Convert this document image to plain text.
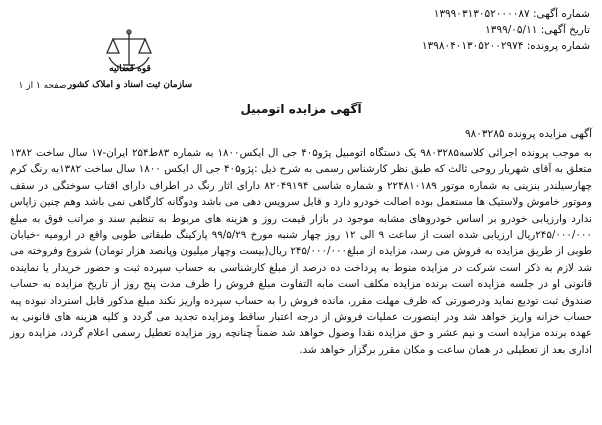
شماره آگهی: ۱۳۹۹۰۳۱۳۰۵۲۰۰۰۰۸۷
تاریخ آگهی: ۱۳۹۹/۰۵/۱۱
شماره پرونده: ۱۳۹۸۰۴۰۱۳۰۵۲۰۰۲۹۷۴
قوه قضائیه
سازمان ثبت اسناد و املاک کشور
صفحه ۱ از ۱
آگهی مزایده اتومبیل
آگهی مزایده پرونده ۹۸۰۳۲۸۵
به موجب پرونده اجرائی کلاسه۹۸۰۳۲۸۵ یک دستگاه اتومبیل پژو۴۰۵ جی ال ایکس۱۸۰۰ به شماره ۸۳ط۲۵۴ ایران-۱۷ سال ساخت ۱۳۸۲ متعلق به آقای شهریار روحی ثالث که طبق نظر کارشناس رسمی به شرح ذیل :پژو۴۰۵ جی ال ایکس ۱۸۰۰ سال ساخت ۱۳۸۲به رنگ کرم چهارسیلندر بنزینی به شماره موتور ۲۲۴۸۱۰۱۸۹ و شماره شاسی ۸۲۰۴۹۱۹۴ دارای اثار رنگ در اطراف دارای اقتاب سوختگی در سقف وموتور خاموش ولاستیک ها مستعمل بوده اصالت خودرو دارد و قابل سرویس دهی می باشد ودوگانه کارگاهی نمی باشد وهم چنین زاپاس ندارد وارزیابی خودرو بر اساس خودروهای مشابه موجود در بازار قیمت روز و هزینه های مربوط به تنظیم سند و مراتب فوق به مبلغ ۲۴۵/۰۰۰/۰۰۰ریال ارزیابی شده است از ساعت ۹ الی ۱۲ روز چهار شنبه مورخ ۹۹/۵/۲۹ پارکینگ طبقاتی طوبی واقع در ارومیه -خیابان طوبی از طریق مزایده به فروش می رسد، مزایده از مبلغ۲۴۵/۰۰۰/۰۰۰ ریال(بیست وچهار میلیون وپانصد هزار تومان) شروع وفروخته می شد لازم به ذکر است شرکت در مزایده منوط به پرداخت ده درصد از مبلغ کارشناسی به حساب سپرده ثبت و حضور خریدار یا نماینده قانونی او در جلسه مزایده است برنده مزایده مکلف است مابه التفاوت مبلغ فروش را ظرف مدت پنج روز از تاریخ مزایده به حساب صندوق ثبت تودیع نماید ودرصورتی که ظرف مهلت مقرر، مانده فروش را به حساب سپرده واریز نکند مبلغ مذکور قابل استرداد نبوده پبه حساب خزانه واریز خواهد شد ودر اینصورت عملیات فروش از درجه اعتبار ساقط ومزایده تجدید می گردد و کلیه هزینه های قانونی به عهده برنده مزایده است و نیم عشر و حق مزایده نقدا وصول خواهد شد ضمناً چنانچه روز مزایده تعطیل رسمی اعلام گردد، مزایده روز اداری بعد از تعطیلی در همان ساعت و مکان مقرر برگزار خواهد شد.
